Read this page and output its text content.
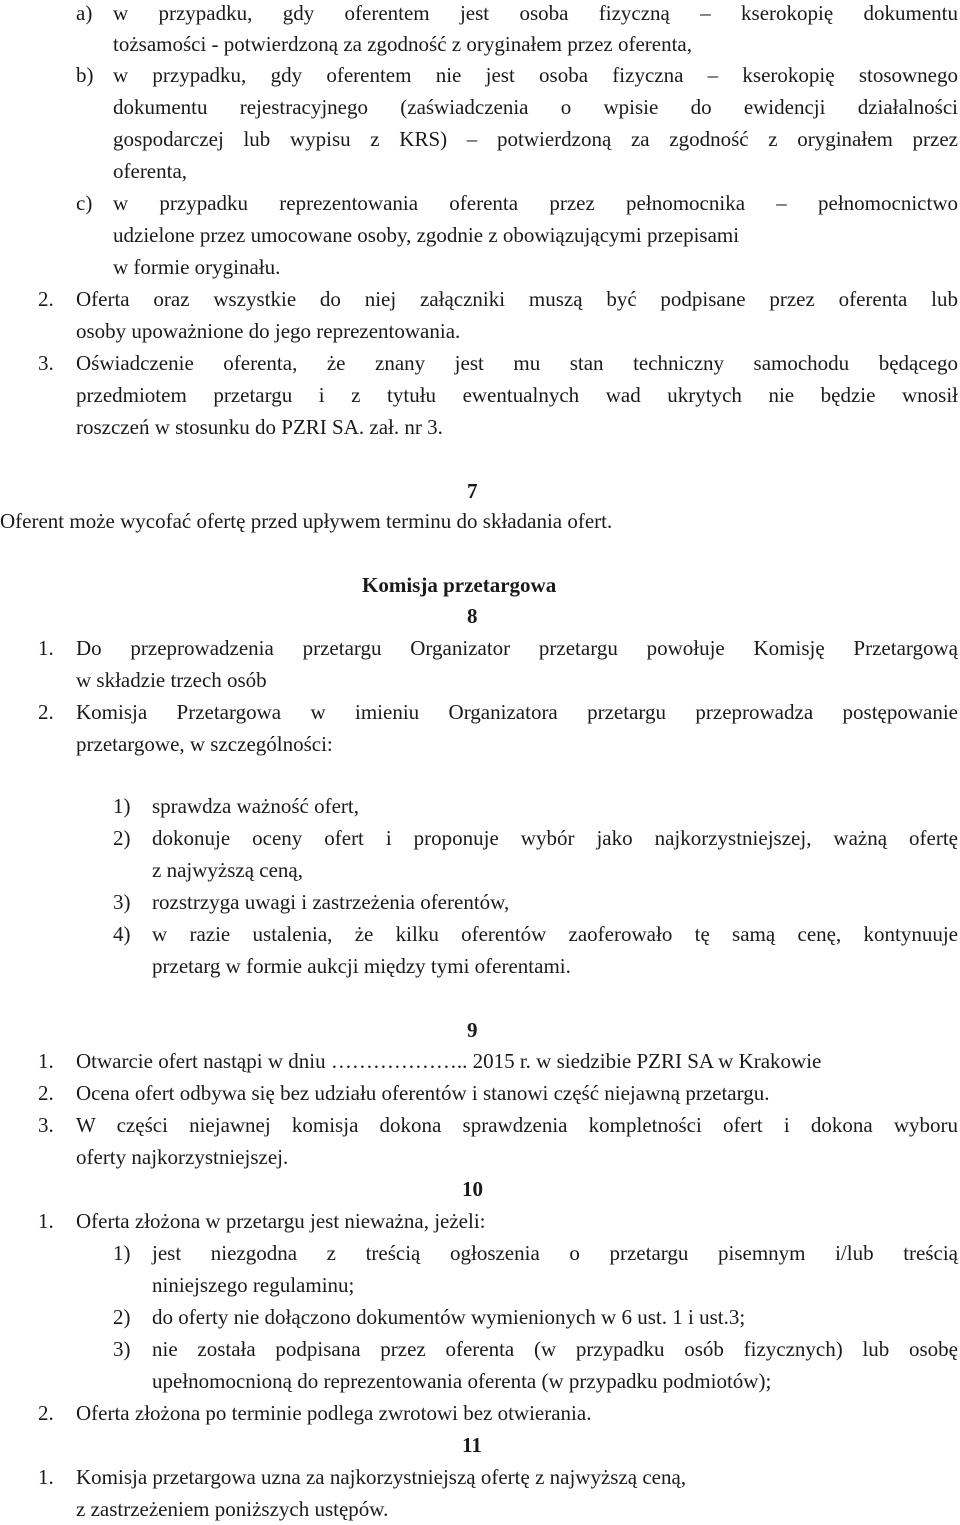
a) w przypadku, gdy oferentem jest osoba fizyczną – kserokopię dokumentu
tożsamości - potwierdzoną za zgodność z oryginałem przez oferenta,
b) w przypadku, gdy oferentem nie jest osoba fizyczna – kserokopię stosownego
dokumentu rejestracyjnego (zaświadczenia o wpisie do ewidencji działalności
gospodarczej lub wypisu z KRS) – potwierdzoną za zgodność z oryginałem przez
oferenta,
c) w przypadku reprezentowania oferenta przez pełnomocnika – pełnomocnictwo
udzielone przez umocowane osoby, zgodnie z obowiązującymi przepisami
w formie oryginału.
2. Oferta oraz wszystkie do niej załączniki muszą być podpisane przez oferenta lub
osoby upoważnione do jego reprezentowania.
3. Oświadczenie oferenta, że znany jest mu stan techniczny samochodu będącego
przedmiotem przetargu i z tytułu ewentualnych wad ukrytych nie będzie wnosił
roszczeń w stosunku do PZRI SA. zał. nr 3.
7
Oferent może wycofać ofertę przed upływem terminu do składania ofert.
Komisja przetargowa
8
1. Do przeprowadzenia przetargu Organizator przetargu powołuje Komisję Przetargową
w składzie trzech osób
2. Komisja Przetargowa w imieniu Organizatora przetargu przeprowadza postępowanie
przetargowe, w szczególności:
1) sprawdza ważność ofert,
2) dokonuje oceny ofert i proponuje wybór jako najkorzystniejszej, ważną ofertę
z najwyższą ceną,
3) rozstrzyga uwagi i zastrzeżenia oferentów,
4) w razie ustalenia, że kilku oferentów zaoferowało tę samą cenę, kontynuuje
przetarg w formie aukcji między tymi oferentami.
9
1. Otwarcie ofert nastąpi w dniu ……………….. 2015 r. w siedzibie PZRI SA w Krakowie
2. Ocena ofert odbywa się bez udziału oferentów i stanowi część niejawną przetargu.
3. W części niejawnej komisja dokona sprawdzenia kompletności ofert i dokona wyboru
oferty najkorzystniejszej.
10
1. Oferta złożona w przetargu jest nieważna, jeżeli:
1) jest niezgodna z treścią ogłoszenia o przetargu pisemnym i/lub treścią
niniejszego regulaminu;
2) do oferty nie dołączono dokumentów wymienionych w 6 ust. 1 i ust.3;
3) nie została podpisana przez oferenta (w przypadku osób fizycznych) lub osobę
upełnomocnioną do reprezentowania oferenta (w przypadku podmiotów);
2. Oferta złożona po terminie podlega zwrotowi bez otwierania.
11
1. Komisja przetargowa uzna za najkorzystniejszą ofertę z najwyższą ceną,
z zastrzeżeniem poniższych ustępów.
